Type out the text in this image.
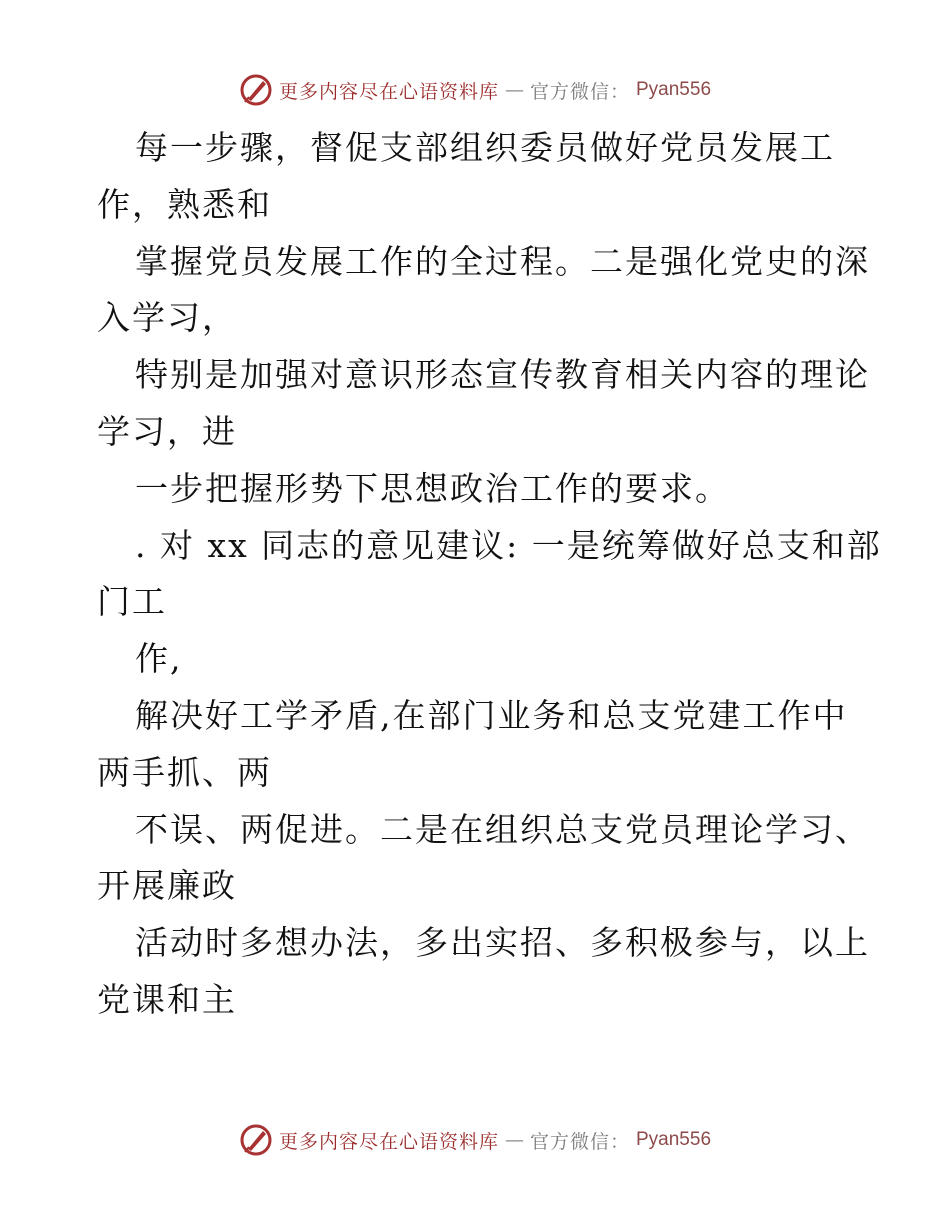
更多内容尽在心语资料库 — 官方微信： Pyan556
每一步骤，督促支部组织委员做好党员发展工
作，熟悉和
掌握党员发展工作的全过程。二是强化党史的深
入学习，
特别是加强对意识形态宣传教育相关内容的理论
学习，进
一步把握形势下思想政治工作的要求。
. 对 xx 同志的意见建议: 一是统筹做好总支和部
门工
作,
解决好工学矛盾,在部门业务和总支党建工作中
两手抓、两
不误、两促进。二是在组织总支党员理论学习、
开展廉政
活动时多想办法，多出实招、多积极参与，以上
党课和主
更多内容尽在心语资料库 — 官方微信： Pyan556
